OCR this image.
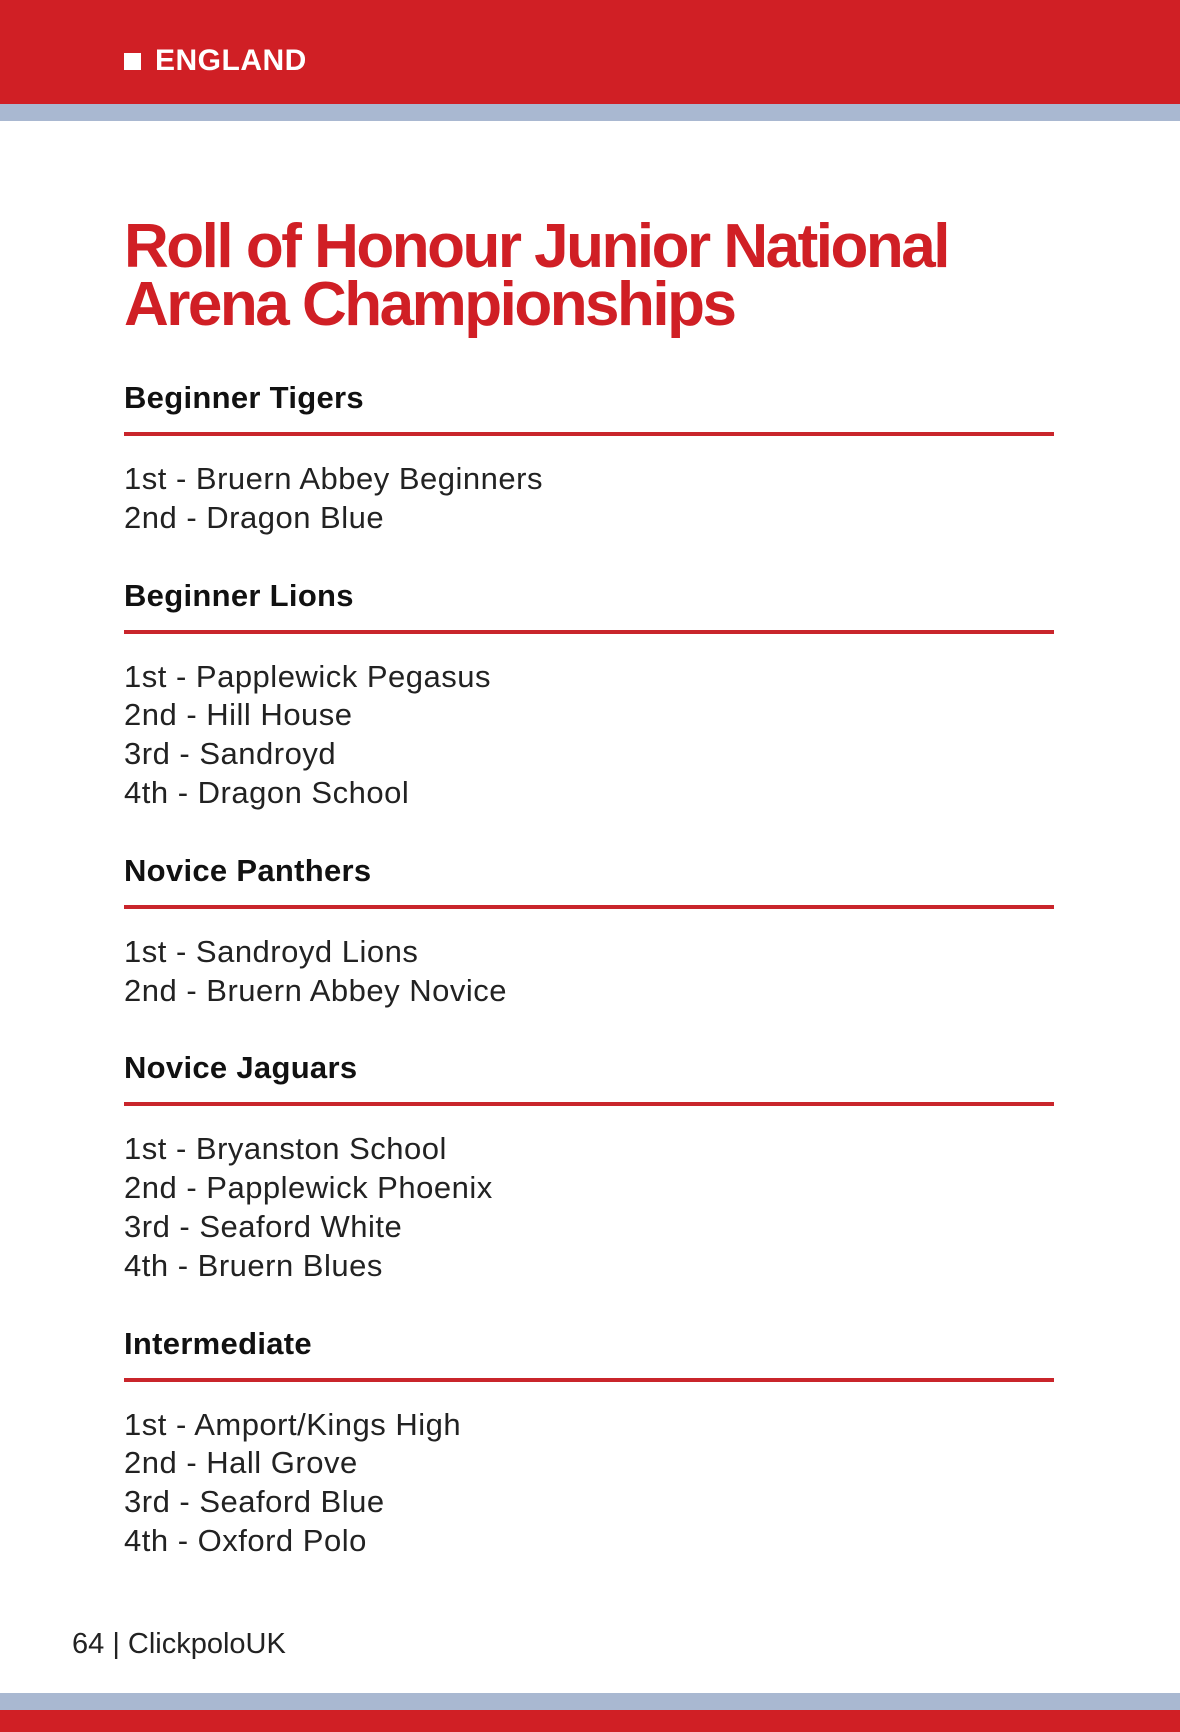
ENGLAND
Roll of Honour Junior National Arena Championships
Beginner Tigers
1st - Bruern Abbey Beginners
2nd - Dragon Blue
Beginner Lions
1st - Papplewick Pegasus
2nd - Hill House
3rd - Sandroyd
4th - Dragon School
Novice Panthers
1st - Sandroyd Lions
2nd - Bruern Abbey Novice
Novice Jaguars
1st - Bryanston School
2nd - Papplewick Phoenix
3rd - Seaford White
4th - Bruern Blues
Intermediate
1st - Amport/Kings High
2nd - Hall Grove
3rd - Seaford Blue
4th - Oxford Polo
64 | ClickpoloUK
